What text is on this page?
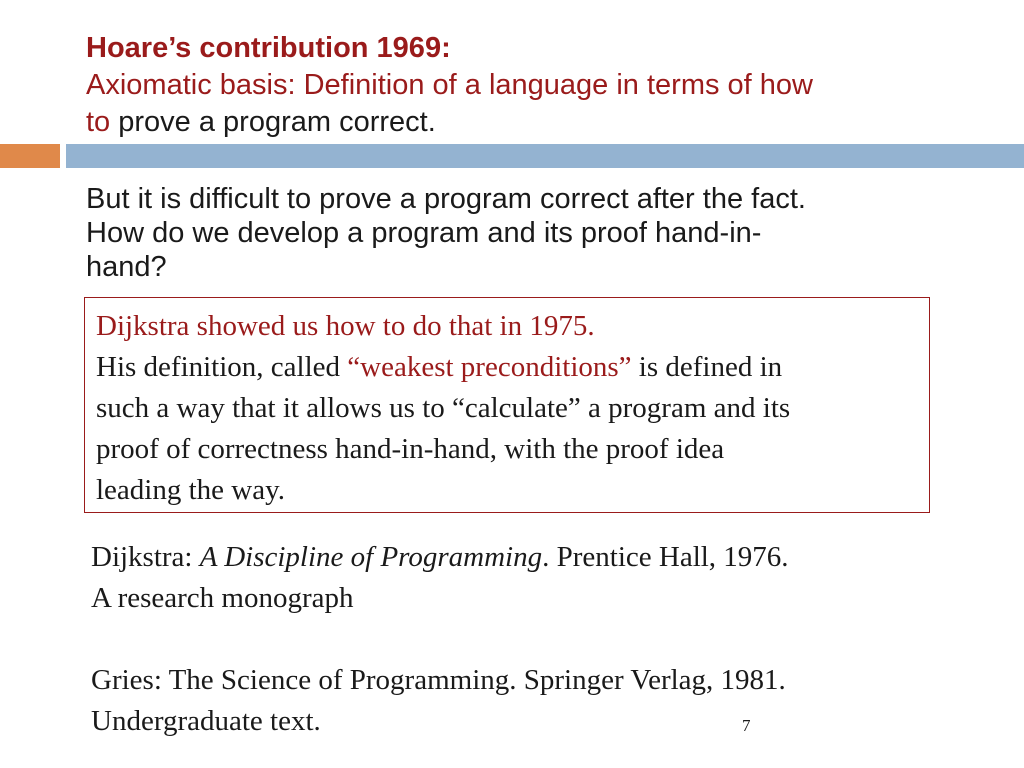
Hoare’s contribution 1969:
Axiomatic basis: Definition of a language in terms of how
to prove a program correct.
But it is difficult to prove a program correct after the fact.
How do we develop a program and its proof hand-in-
hand?
Dijkstra showed us how to do that in 1975.
His definition, called “weakest preconditions” is defined in
such a way that it allows us to “calculate” a program and its
proof of correctness hand-in-hand, with the proof idea
leading the way.
Dijkstra: A Discipline of Programming. Prentice Hall, 1976.
A research monograph
Gries: The Science of Programming. Springer Verlag, 1981.
Undergraduate text.	7
